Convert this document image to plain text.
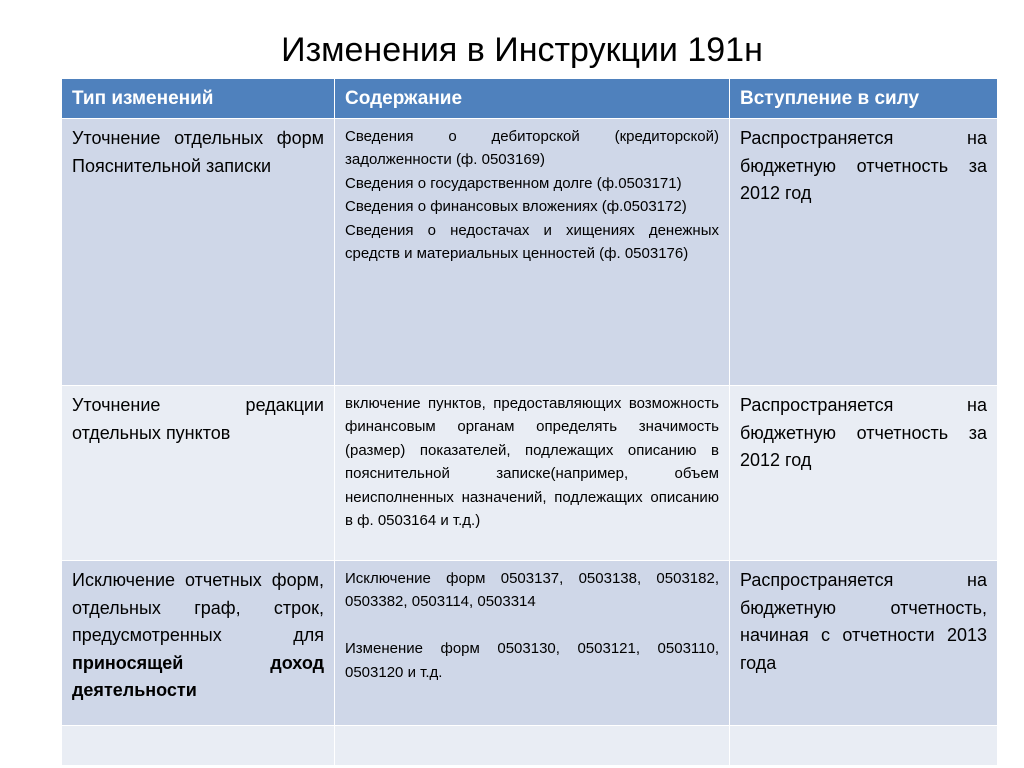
Изменения в Инструкции 191н
Тип изменений	Содержание	Вступление в силу
Уточнение отдельных форм Пояснительной записки	Сведения о дебиторской (кредиторской) задолженности (ф. 0503169)

Сведения о государственном долге (ф.0503171)

Сведения о финансовых вложениях (ф.0503172)

Сведения о недостачах и хищениях денежных средств и материальных ценностей (ф. 0503176)	Распространяется на бюджетную отчетность за 2012 год
Уточнение редакции отдельных пунктов	включение пунктов, предоставляющих возможность финансовым органам определять значимость (размер) показателей, подлежащих описанию в пояснительной записке(например, объем неисполненных назначений, подлежащих описанию в ф. 0503164 и т.д.)	Распространяется на бюджетную отчетность за 2012 год
Исключение отчетных форм, отдельных граф, строк, предусмотренных для приносящей доход деятельности	Исключение форм 0503137, 0503138, 0503182, 0503382, 0503114, 0503314

Изменение форм 0503130, 0503121, 0503110, 0503120 и т.д.	Распространяется на бюджетную отчетность, начиная с отчетности 2013 года
